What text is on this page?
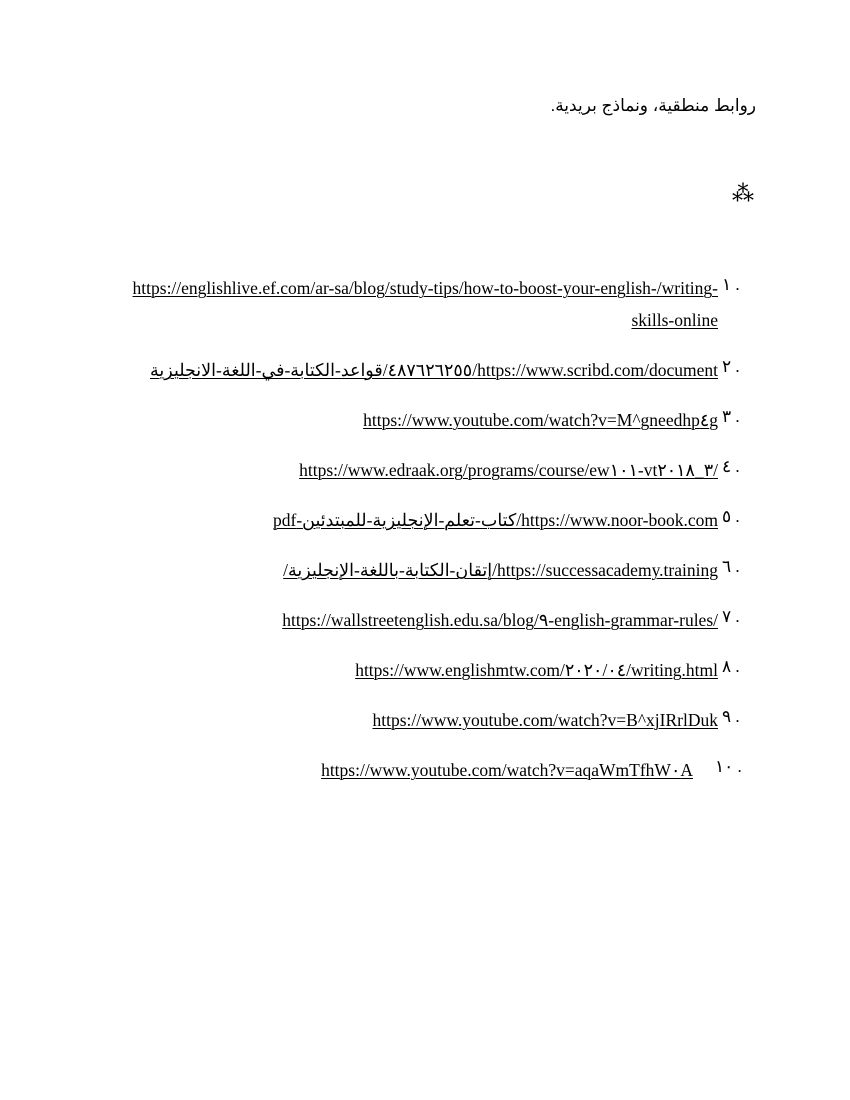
روابط منطقية، ونماذج بريدية.
⁂
١ .
https://englishlive.ef.com/ar-sa/blog/study-tips/how-to-boost-your-english-/writing-skills-online
٢ .
https://www.scribd.com/document/٤٨٧٦٢٦٢٥٥/قواعد-الكتابة-في-اللغة-الانجليزية
٣ .
https://www.youtube.com/watch?v=M^gneedhp٤g
٤ .
https://www.edraak.org/programs/course/ew١٠١-vt٣_٢٠١٨/
٥ .
https://www.noor-book.com/كتاب-تعلم-الإنجليزية-للمبتدئين-pdf
٦ .
https://successacademy.training/إتقان-الكتابة-باللغة-الإنجليزية/
٧ .
https://wallstreetenglish.edu.sa/blog/٩-english-grammar-rules/
٨ .
https://www.englishmtw.com/٢٠٢٠/٠٤/writing.html
٩ .
https://www.youtube.com/watch?v=B^xjIRrlDuk
١٠ .
https://www.youtube.com/watch?v=aqaWmTfhW٠A
